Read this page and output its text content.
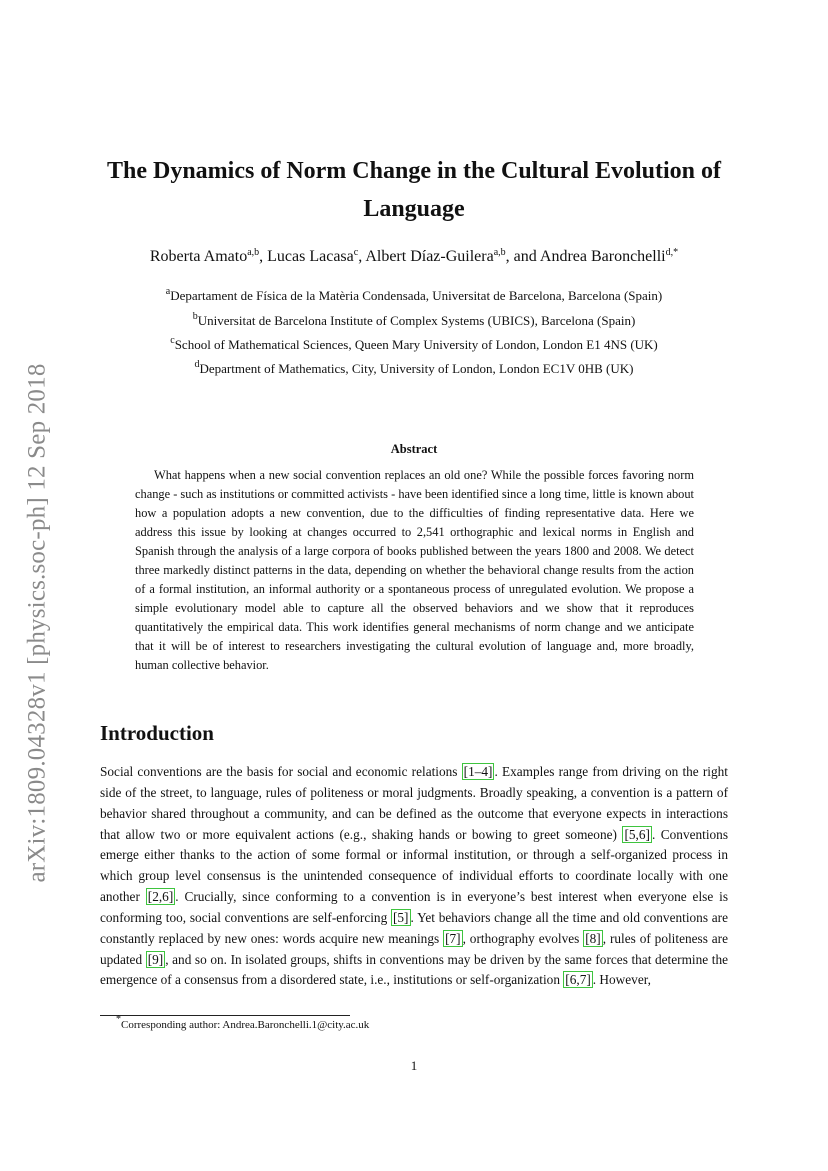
arXiv:1809.04328v1 [physics.soc-ph] 12 Sep 2018
The Dynamics of Norm Change in the Cultural Evolution of Language
Roberta Amato$^{a,b}$, Lucas Lacasa$^c$, Albert Díaz-Guilera$^{a,b}$, and Andrea Baronchelli$^{d,*}$
$^a$Departament de Física de la Matèria Condensada, Universitat de Barcelona, Barcelona (Spain)
$^b$Universitat de Barcelona Institute of Complex Systems (UBICS), Barcelona (Spain)
$^c$School of Mathematical Sciences, Queen Mary University of London, London E1 4NS (UK)
$^d$Department of Mathematics, City, University of London, London EC1V 0HB (UK)
Abstract

What happens when a new social convention replaces an old one? While the possible forces favoring norm change - such as institutions or committed activists - have been identified since a long time, little is known about how a population adopts a new convention, due to the difficulties of finding representative data. Here we address this issue by looking at changes occurred to 2,541 orthographic and lexical norms in English and Spanish through the analysis of a large corpora of books published between the years 1800 and 2008. We detect three markedly distinct patterns in the data, depending on whether the behavioral change results from the action of a formal institution, an informal authority or a spontaneous process of unregulated evolution. We propose a simple evolutionary model able to capture all the observed behaviors and we show that it reproduces quantitatively the empirical data. This work identifies general mechanisms of norm change and we anticipate that it will be of interest to researchers investigating the cultural evolution of language and, more broadly, human collective behavior.

Introduction

Social conventions are the basis for social and economic relations [1–4] . Examples range from driving on the right side of the street, to language, rules of politeness or moral judgments. Broadly speaking, a convention is a pattern of behavior shared throughout a community, and can be defined as the outcome that everyone expects in interactions that allow two or more equivalent actions (e.g., shaking hands or bowing to greet someone) [5,6] . Conventions emerge either thanks to the action of some formal or informal institution, or through a self-organized process in which group level consensus is the unintended consequence of individual efforts to coordinate locally with one another [2,6] . Crucially, since conforming to a convention is in everyone’s best interest when everyone else is conforming too, social conventions are self-enforcing [5] . Yet behaviors change all the time and old conventions are constantly replaced by new ones: words acquire new meanings [7] , orthography evolves [8] , rules of politeness are updated [9] , and so on. In isolated groups, shifts in conventions may be driven by the same forces that determine the emergence of a consensus from a disordered state, i.e., institutions or self-organization [6,7] . However,

*Corresponding author: Andrea.Baronchelli.1@city.ac.uk
1
